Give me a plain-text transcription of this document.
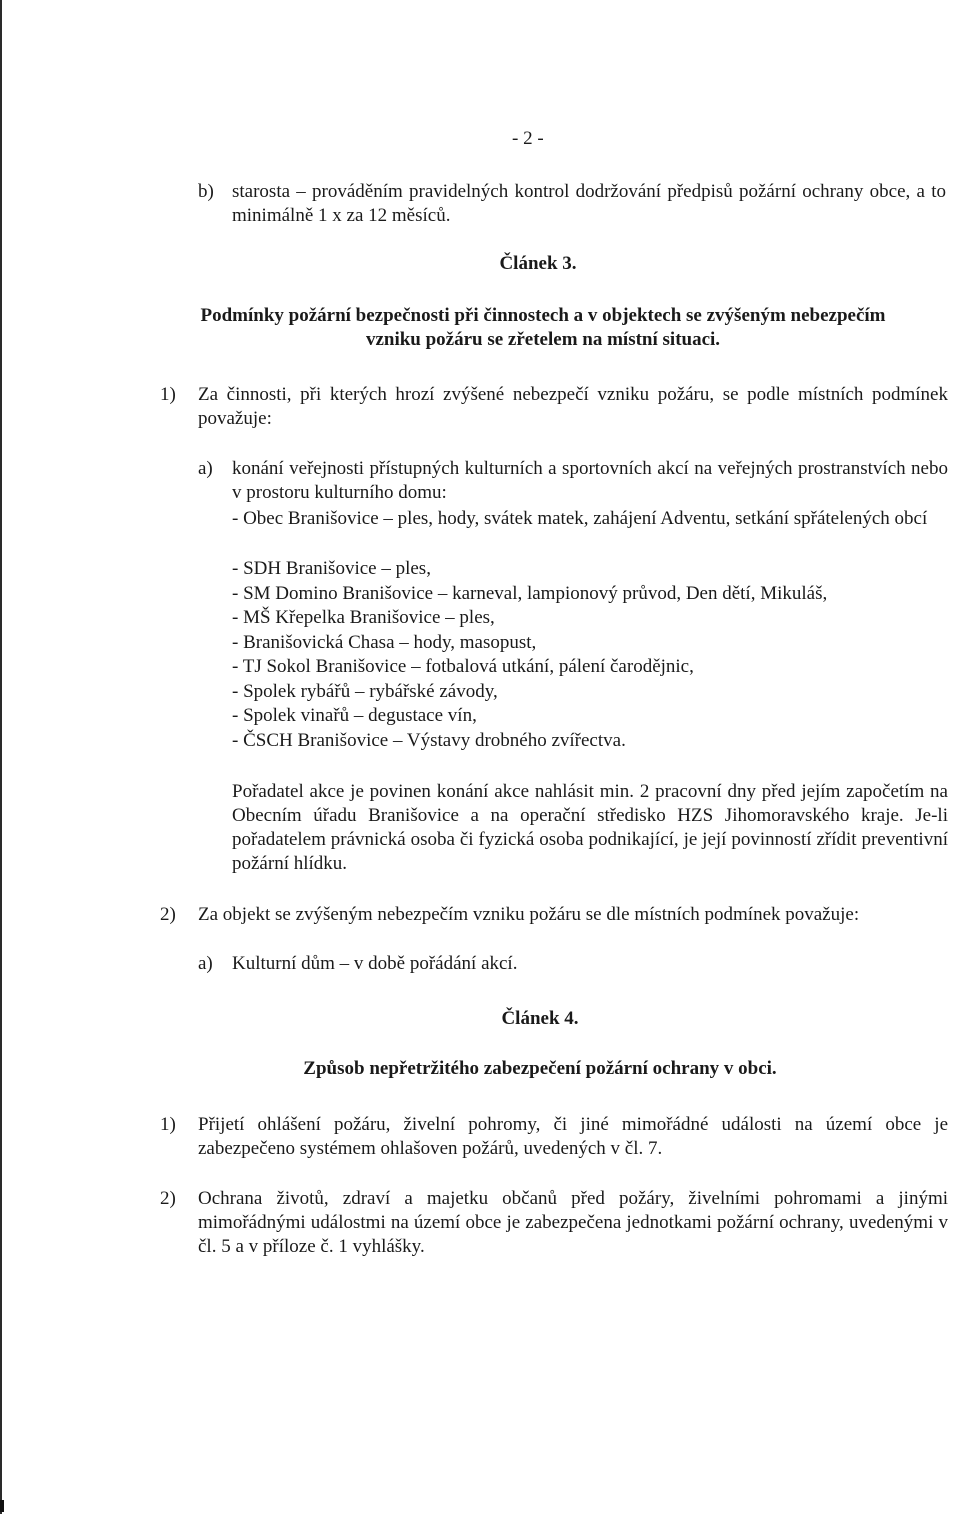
- 2 -
b) starosta – prováděním pravidelných kontrol dodržování předpisů požární ochrany obce, a to minimálně 1 x za 12 měsíců.
Článek 3.
Podmínky požární bezpečnosti při činnostech a v objektech se zvýšeným nebezpečím
vzniku požáru se zřetelem na místní situaci.
1) Za činnosti, při kterých hrozí zvýšené nebezpečí vzniku požáru, se podle místních podmínek považuje:
a) konání veřejnosti přístupných kulturních a sportovních akcí na veřejných prostranstvích nebo v prostoru kulturního domu:
- Obec Branišovice – ples, hody, svátek matek, zahájení Adventu, setkání spřátelených obcí
- SDH Branišovice – ples,
- SM Domino Branišovice – karneval, lampionový průvod, Den dětí, Mikuláš,
- MŠ Křepelka Branišovice – ples,
- Branišovická Chasa – hody, masopust,
- TJ Sokol Branišovice – fotbalová utkání, pálení čarodějnic,
- Spolek rybářů – rybářské závody,
- Spolek vinařů – degustace vín,
- ČSCH Branišovice – Výstavy drobného zvířectva.
Pořadatel akce je povinen konání akce nahlásit min. 2 pracovní dny před jejím započetím na Obecním úřadu Branišovice a na operační středisko HZS Jihomoravského kraje. Je-li pořadatelem právnická osoba či fyzická osoba podnikající, je její povinností zřídit preventivní požární hlídku.
2) Za objekt se zvýšeným nebezpečím vzniku požáru se dle místních podmínek považuje:
a) Kulturní dům – v době pořádání akcí.
Článek 4.
Způsob nepřetržitého zabezpečení požární ochrany v obci.
1) Přijetí ohlášení požáru, živelní pohromy, či jiné mimořádné události na území obce je zabezpečeno systémem ohlašoven požárů, uvedených v čl. 7.
2) Ochrana životů, zdraví a majetku občanů před požáry, živelními pohromami a jinými mimořádnými událostmi na území obce je zabezpečena jednotkami požární ochrany, uvedenými v čl. 5 a v příloze č. 1 vyhlášky.
